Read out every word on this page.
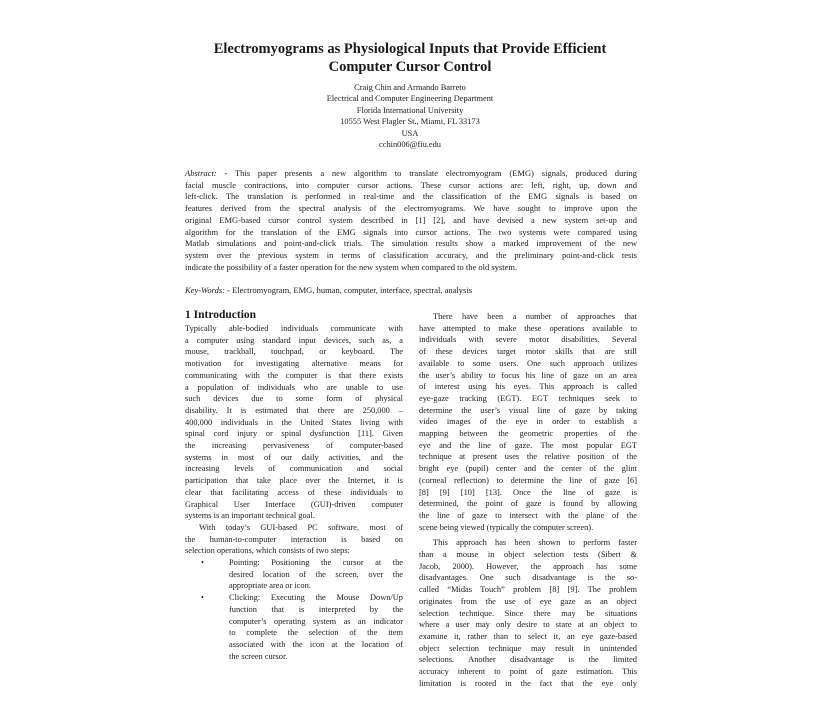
Electromyograms as Physiological Inputs that Provide Efficient
Computer Cursor Control
Craig Chin and Armando Barreto
Electrical and Computer Engineering Department
Florida International University
10555 West Flagler St., Miami, FL 33173
USA
cchin006@fiu.edu
Abstract: - This paper presents a new algorithm to translate electromyogram (EMG) signals, produced during
facial muscle contractions, into computer cursor actions. These cursor actions are: left, right, up, down and
left-click. The translation is performed in real-time and the classification of the EMG signals is based on
features derived from the spectral analysis of the electromyograms. We have sought to improve upon the
original EMG-based cursor control system described in [1] [2], and have devised a new system set-up and
algorithm for the translation of the EMG signals into cursor actions. The two systems were compared using
Matlab simulations and point-and-click trials. The simulation results show a marked improvement of the new
system over the previous system in terms of classification accuracy, and the preliminary point-and-click tests
indicate the possibility of a faster operation for the new system when compared to the old system.
Key-Words: - Electromyogram, EMG, human, computer, interface, spectral, analysis
1 Introduction
Typically able-bodied individuals communicate with
a computer using standard input devices, such as, a
mouse, trackball, touchpad, or keyboard. The
motivation for investigating alternative means for
communicating with the computer is that there exists
a population of individuals who are unable to use
such devices due to some form of physical
disability. It is estimated that there are 250,000 –
400,000 individuals in the United States living with
spinal cord injury or spinal dysfunction [11]. Given
the increasing pervasiveness of computer-based
systems in most of our daily activities, and the
increasing levels of communication and social
participation that take place over the Internet, it is
clear that facilitating access of these individuals to
Graphical User Interface (GUI)-driven computer
systems is an important technical goal.
With today’s GUI-based PC software, most of
the human-to-computer interaction is based on
selection operations, which consists of two steps:
•	Pointing: Positioning the cursor at the
desired location of the screen, over the
appropriate area or icon.
•	Clicking: Executing the Mouse Down/Up
function that is interpreted by the
computer’s operating system as an indicator
to complete the selection of the item
associated with the icon at the location of
the screen cursor.
There have been a number of approaches that
have attempted to make these operations available to
individuals with severe motor disabilities. Several
of these devices target motor skills that are still
available to some users. One such approach utilizes
the user’s ability to focus his line of gaze on an area
of interest using his eyes. This approach is called
eye-gaze tracking (EGT). EGT techniques seek to
determine the user’s visual line of gaze by taking
video images of the eye in order to establish a
mapping between the geometric properties of the
eye and the line of gaze. The most popular EGT
technique at present uses the relative position of the
bright eye (pupil) center and the center of the glint
(corneal reflection) to determine the line of gaze [6]
[8] [9] [10] [13]. Once the line of gaze is
determined, the point of gaze is found by allowing
the line of gaze to intersect with the plane of the
scene being viewed (typically the computer screen).
This approach has been shown to perform faster
than a mouse in object selection tests (Sibert &
Jacob, 2000). However, the approach has some
disadvantages. One such disadvantage is the so-
called “Midas Touch” problem [8] [9]. The problem
originates from the use of eye gaze as an object
selection technique. Since there may be situations
where a user may only desire to stare at an object to
examine it, rather than to select it, an eye gaze-based
object selection technique may result in unintended
selections. Another disadvantage is the limited
accuracy inherent to point of gaze estimation. This
limitation is rooted in the fact that the eye only
